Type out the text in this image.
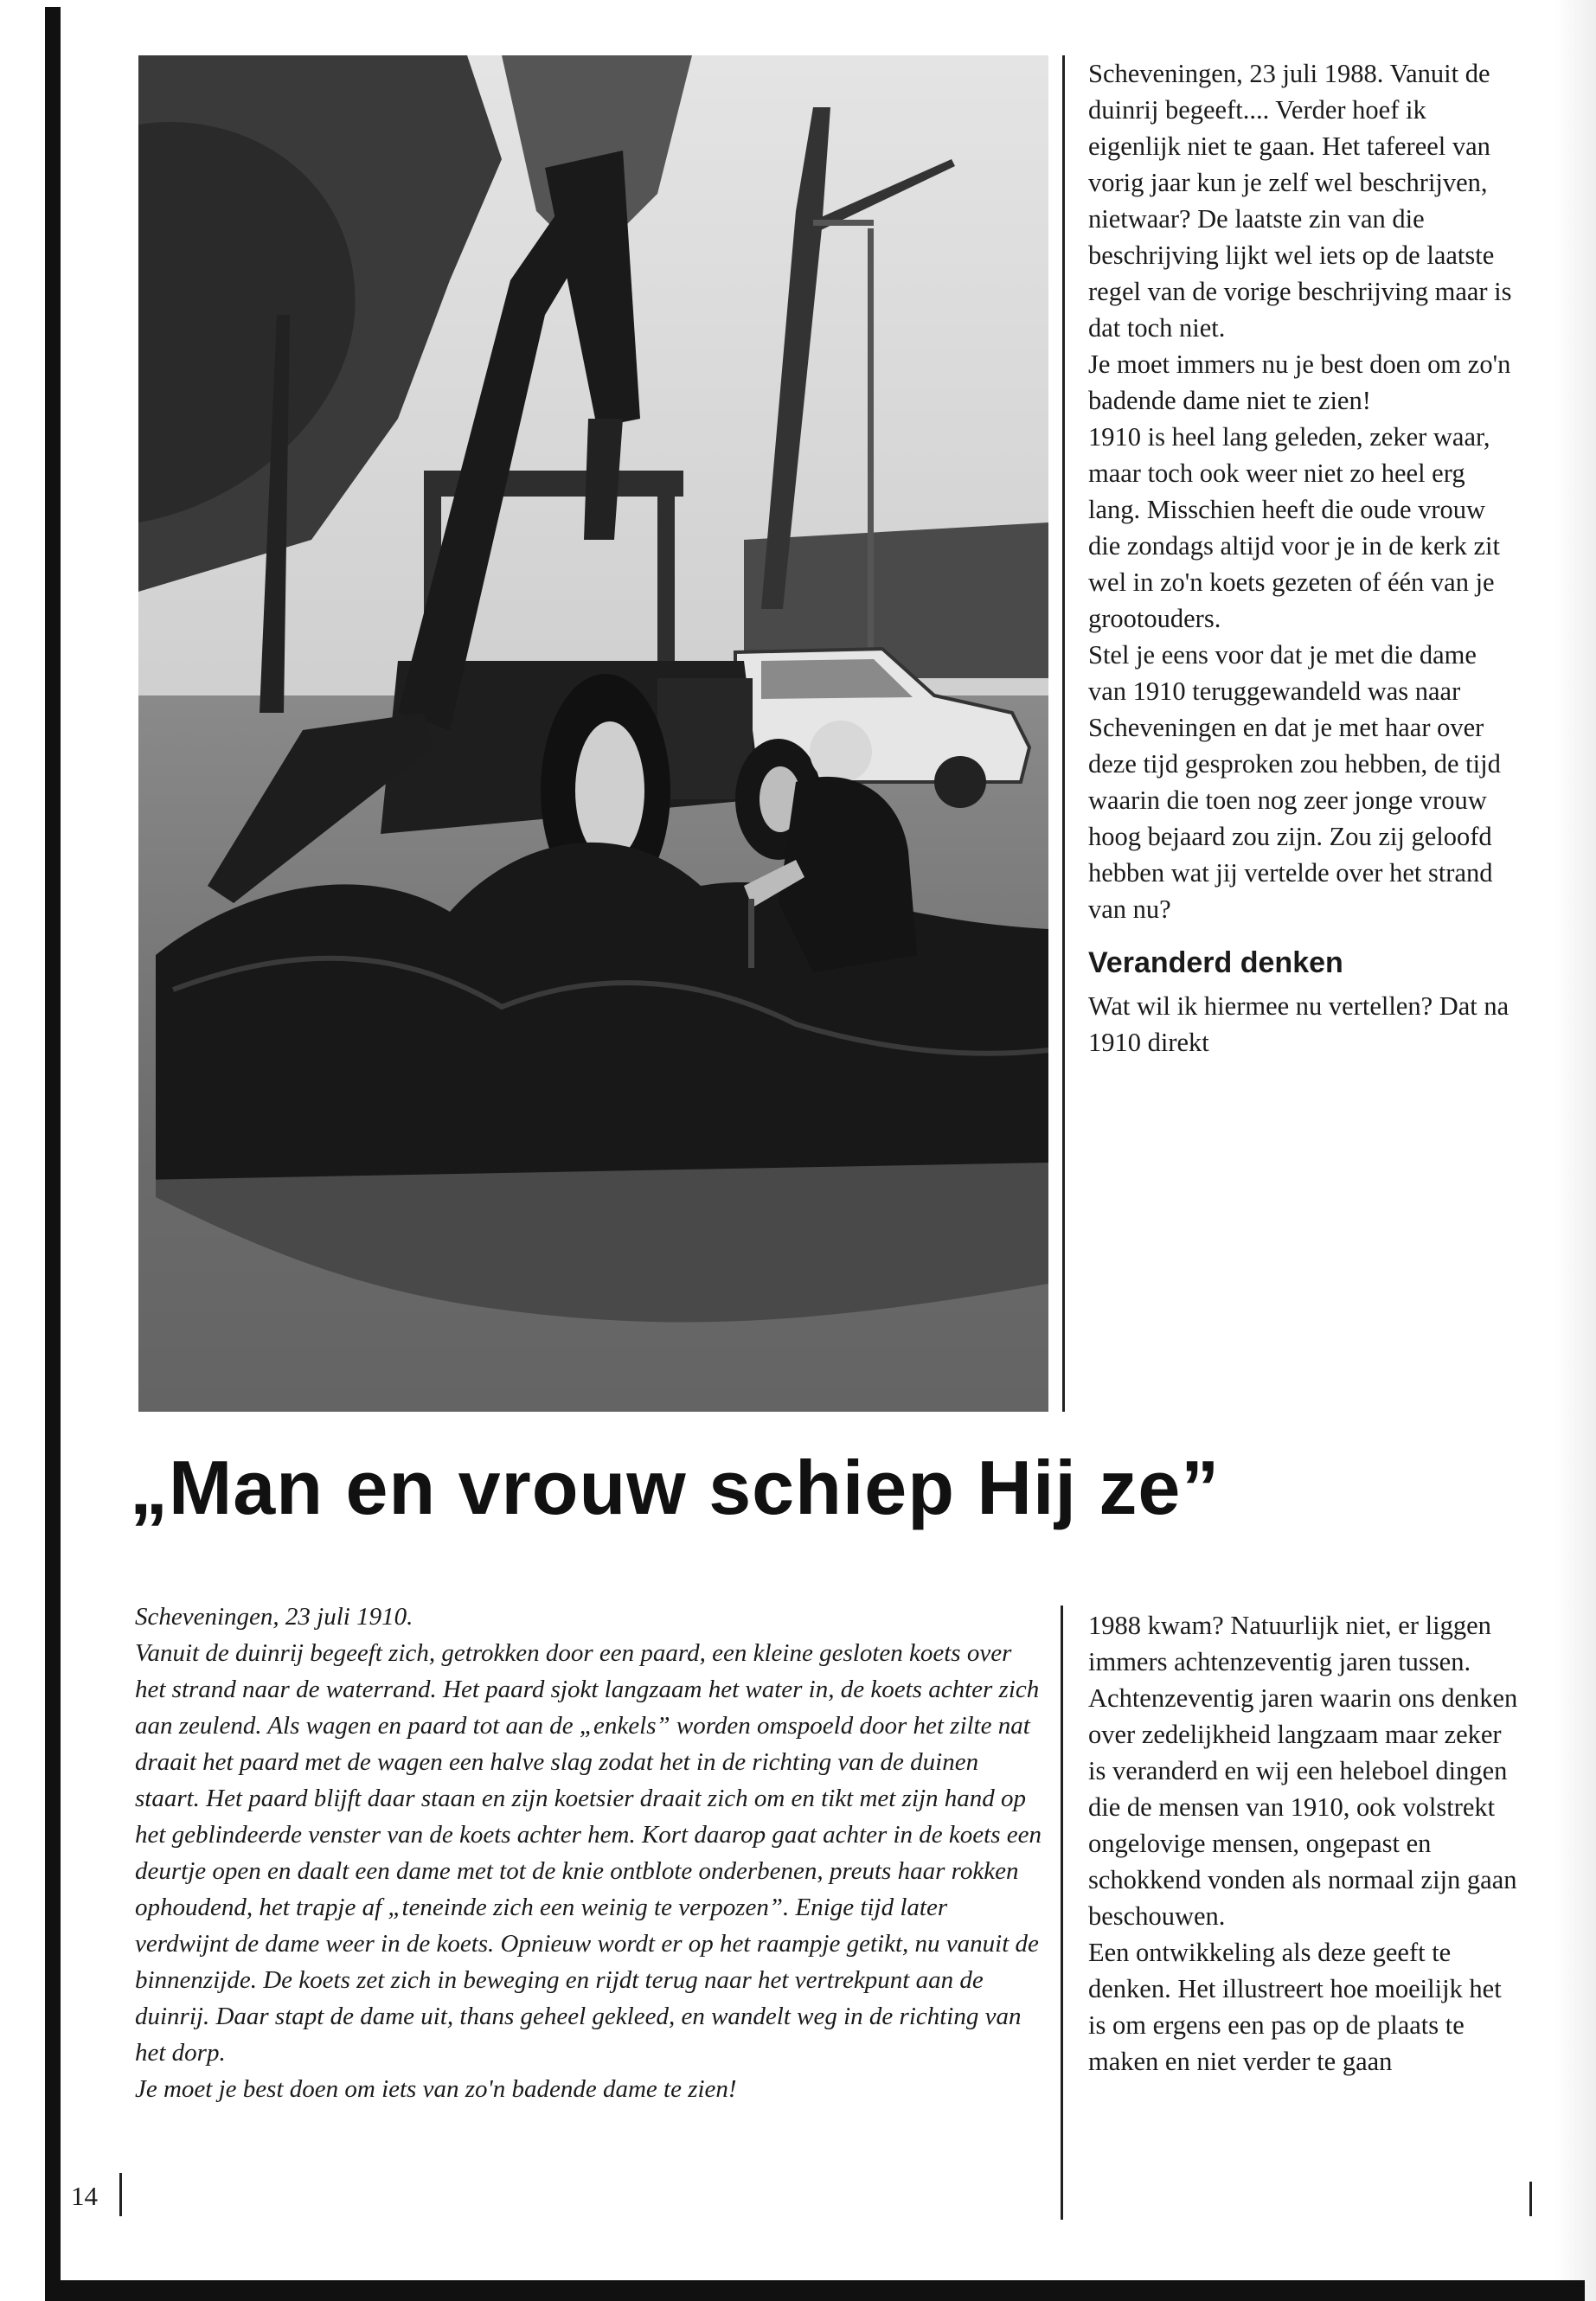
Scheveningen, 23 juli 1988. Vanuit de duinrij begeeft.... Verder hoef ik eigenlijk niet te gaan. Het tafereel van vorig jaar kun je zelf wel beschrijven, nietwaar? De laatste zin van die beschrijving lijkt wel iets op de laatste regel van de vorige beschrijving maar is dat toch niet.

Je moet immers nu je best doen om zo'n badende dame niet te zien!

1910 is heel lang geleden, zeker waar, maar toch ook weer niet zo heel erg lang. Misschien heeft die oude vrouw die zondags altijd voor je in de kerk zit wel in zo'n koets gezeten of één van je grootouders.

Stel je eens voor dat je met die dame van 1910 teruggewandeld was naar Scheveningen en dat je met haar over deze tijd gesproken zou hebben, de tijd waarin die toen nog zeer jonge vrouw hoog bejaard zou zijn. Zou zij geloofd hebben wat jij vertelde over het strand van nu?

Veranderd denken

Wat wil ik hiermee nu vertellen? Dat na 1910 direkt

„Man en vrouw schiep Hij ze”

Scheveningen, 23 juli 1910.

Vanuit de duinrij begeeft zich, getrokken door een paard, een kleine gesloten koets over het strand naar de waterrand. Het paard sjokt langzaam het water in, de koets achter zich aan zeulend. Als wagen en paard tot aan de „enkels” worden omspoeld door het zilte nat draait het paard met de wagen een halve slag zodat het in de richting van de duinen staart. Het paard blijft daar staan en zijn koetsier draait zich om en tikt met zijn hand op het geblindeerde venster van de koets achter hem. Kort daarop gaat achter in de koets een deurtje open en daalt een dame met tot de knie ontblote onderbenen, preuts haar rokken ophoudend, het trapje af „teneinde zich een weinig te verpozen”. Enige tijd later verdwijnt de dame weer in de koets. Opnieuw wordt er op het raampje getikt, nu vanuit de binnenzijde. De koets zet zich in beweging en rijdt terug naar het vertrekpunt aan de duinrij. Daar stapt de dame uit, thans geheel gekleed, en wandelt weg in de richting van het dorp.

Je moet je best doen om iets van zo'n badende dame te zien!

1988 kwam? Natuurlijk niet, er liggen immers achtenzeventig jaren tussen. Achtenzeventig jaren waarin ons denken over zedelijkheid langzaam maar zeker is veranderd en wij een heleboel dingen die de mensen van 1910, ook volstrekt ongelovige mensen, ongepast en schokkend vonden als normaal zijn gaan beschouwen.

Een ontwikkeling als deze geeft te denken. Het illustreert hoe moeilijk het is om ergens een pas op de plaats te maken en niet verder te gaan

14
